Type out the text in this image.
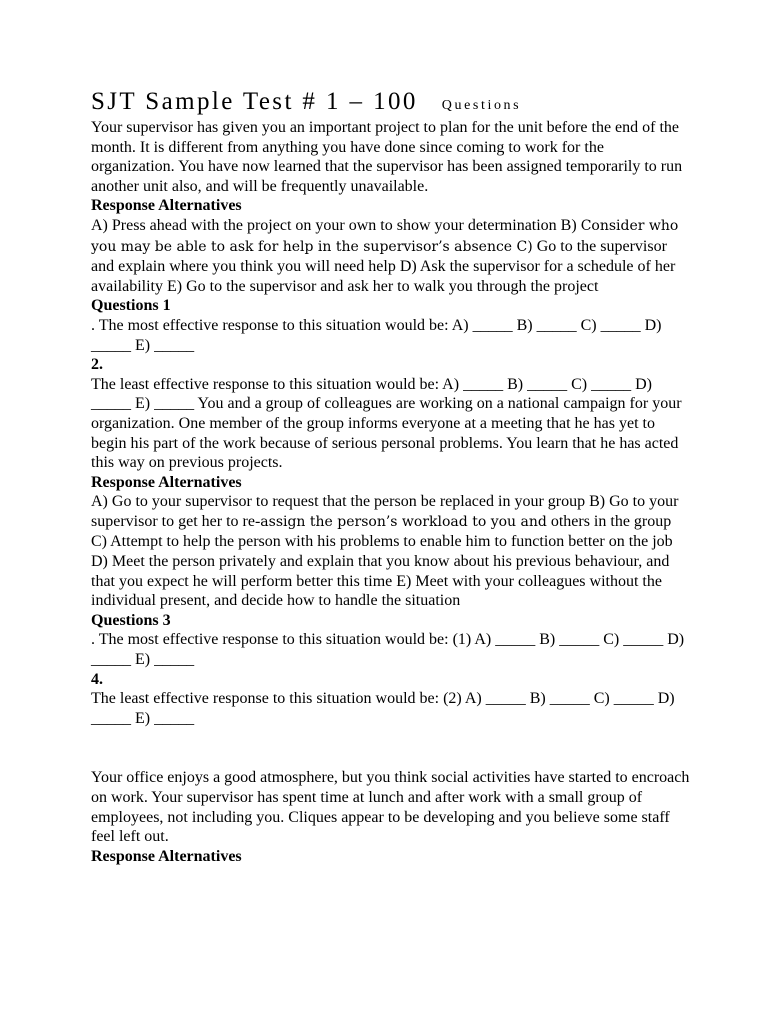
SJT Sample Test # 1 – 100 Questions

Your supervisor has given you an important project to plan for the unit before the end of the month. It is different from anything you have done since coming to work for the organization. You have now learned that the supervisor has been assigned temporarily to run another unit also, and will be frequently unavailable.

Response Alternatives

A) Press ahead with the project on your own to show your determination B) Consider who you may be able to ask for help in the supervisor’s absence C) Go to the supervisor and explain where you think you will need help D) Ask the supervisor for a schedule of her availability E) Go to the supervisor and ask her to walk you through the project

Questions 1

. The most effective response to this situation would be: A) _____ B) _____ C) _____ D) _____ E) _____

2.

The least effective response to this situation would be: A) _____ B) _____ C) _____ D) _____ E) _____ You and a group of colleagues are working on a national campaign for your organization. One member of the group informs everyone at a meeting that he has yet to begin his part of the work because of serious personal problems. You learn that he has acted this way on previous projects.

Response Alternatives

A) Go to your supervisor to request that the person be replaced in your group B) Go to your supervisor to get her to re-assign the person’s workload to you and others in the group C) Attempt to help the person with his problems to enable him to function better on the job D) Meet the person privately and explain that you know about his previous behaviour, and that you expect he will perform better this time E) Meet with your colleagues without the individual present, and decide how to handle the situation

Questions 3

. The most effective response to this situation would be: (1) A) _____ B) _____ C) _____ D) _____ E) _____

4.

The least effective response to this situation would be: (2) A) _____ B) _____ C) _____ D) _____ E) _____

Your office enjoys a good atmosphere, but you think social activities have started to encroach on work. Your supervisor has spent time at lunch and after work with a small group of employees, not including you. Cliques appear to be developing and you believe some staff feel left out.

Response Alternatives
